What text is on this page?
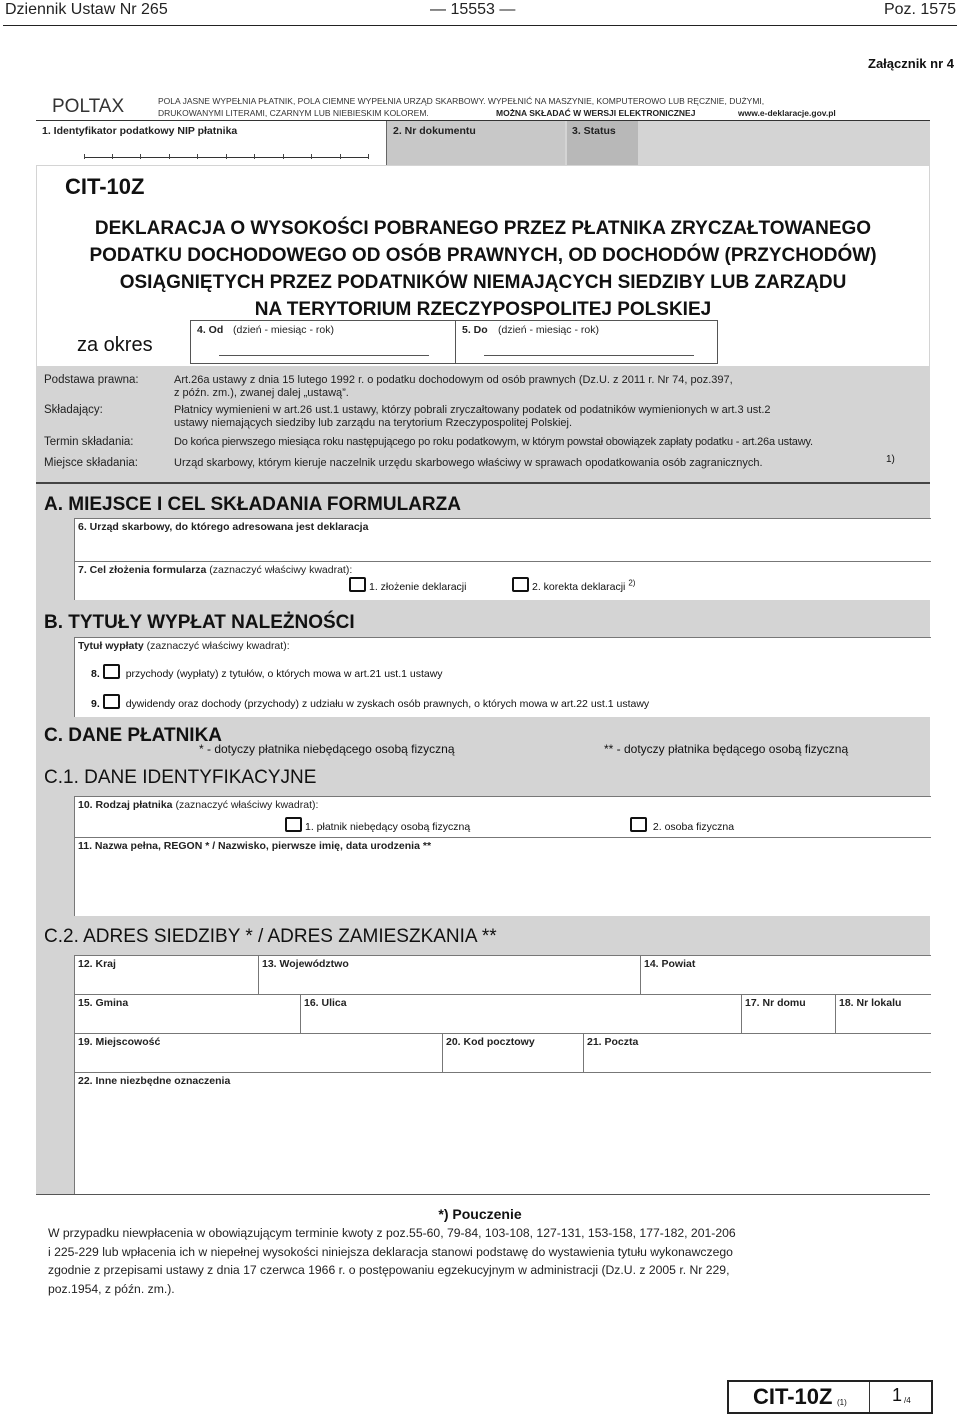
Dziennik Ustaw Nr 265	— 15553 —	Poz. 1575
Załącznik nr 4
POLTAX	POLA JASNE WYPEŁNIA PŁATNIK, POLA CIEMNE WYPEŁNIA URZĄD SKARBOWY. WYPEŁNIĆ NA MASZYNIE, KOMPUTEROWO LUB RĘCZNIE, DUŻYMI,
DRUKOWANYMI LITERAMI, CZARNYM LUB NIEBIESKIM KOLOREM.	MOŻNA SKŁADAĆ W WERSJI ELEKTRONICZNEJ	www.e-deklaracje.gov.pl
1. Identyfikator podatkowy NIP płatnika	2. Nr dokumentu	3. Status
CIT-10Z
DEKLARACJA O WYSOKOŚCI POBRANEGO PRZEZ PŁATNIKA ZRYCZAŁTOWANEGO
PODATKU DOCHODOWEGO OD OSÓB PRAWNYCH, OD DOCHODÓW (PRZYCHODÓW)
OSIĄGNIĘTYCH PRZEZ PODATNIKÓW NIEMAJĄCYCH SIEDZIBY LUB ZARZĄDU
NA TERYTORIUM RZECZYPOSPOLITEJ POLSKIEJ
za okres
4. Od (dzień - miesiąc - rok)	5. Do (dzień - miesiąc - rok)
Podstawa prawna:	Art.26a ustawy z dnia 15 lutego 1992 r. o podatku dochodowym od osób prawnych (Dz.U. z 2011 r. Nr 74, poz.397,
z późn. zm.), zwanej dalej „ustawą”.
Składający:	Płatnicy wymienieni w art.26 ust.1 ustawy, którzy pobrali zryczałtowany podatek od podatników wymienionych w art.3 ust.2
ustawy niemających siedziby lub zarządu na terytorium Rzeczypospolitej Polskiej.
Termin składania:	Do końca pierwszego miesiąca roku następującego po roku podatkowym, w którym powstał obowiązek zapłaty podatku - art.26a ustawy.
Miejsce składania:	Urząd skarbowy, którym kieruje naczelnik urzędu skarbowego właściwy w sprawach opodatkowania osób zagranicznych.	1)
A. MIEJSCE I CEL SKŁADANIA FORMULARZA
6. Urząd skarbowy, do którego adresowana jest deklaracja
7. Cel złożenia formularza (zaznaczyć właściwy kwadrat):
1. złożenie deklaracji	2. korekta deklaracji $^{2)}$
B. TYTUŁY WYPŁAT NALEŻNOŚCI
Tytuł wypłaty (zaznaczyć właściwy kwadrat):
8. przychody (wypłaty) z tytułów, o których mowa w art.21 ust.1 ustawy
9. dywidendy oraz dochody (przychody) z udziału w zyskach osób prawnych, o których mowa w art.22 ust.1 ustawy
C. DANE PŁATNIKA
* - dotyczy płatnika niebędącego osobą fizyczną	** - dotyczy płatnika będącego osobą fizyczną
C.1. DANE IDENTYFIKACYJNE
10. Rodzaj płatnika (zaznaczyć właściwy kwadrat):
1. płatnik niebędący osobą fizyczną	2. osoba fizyczna
11. Nazwa pełna, REGON * / Nazwisko, pierwsze imię, data urodzenia **
C.2. ADRES SIEDZIBY * / ADRES ZAMIESZKANIA **
12. Kraj	13. Województwo	14. Powiat
15. Gmina	16. Ulica	17. Nr domu	18. Nr lokalu
19. Miejscowość	20. Kod pocztowy	21. Poczta
22. Inne niezbędne oznaczenia
*) Pouczenie
W przypadku niewpłacenia w obowiązującym terminie kwoty z poz.55-60, 79-84, 103-108, 127-131, 153-158, 177-182, 201-206
i 225-229 lub wpłacenia ich w niepełnej wysokości niniejsza deklaracja stanowi podstawę do wystawienia tytułu wykonawczego
zgodnie z przepisami ustawy z dnia 17 czerwca 1966 r. o postępowaniu egzekucyjnym w administracji (Dz.U. z 2005 r. Nr 229,
poz.1954, z późn. zm.).
CIT-10Z (1)	1 /4
